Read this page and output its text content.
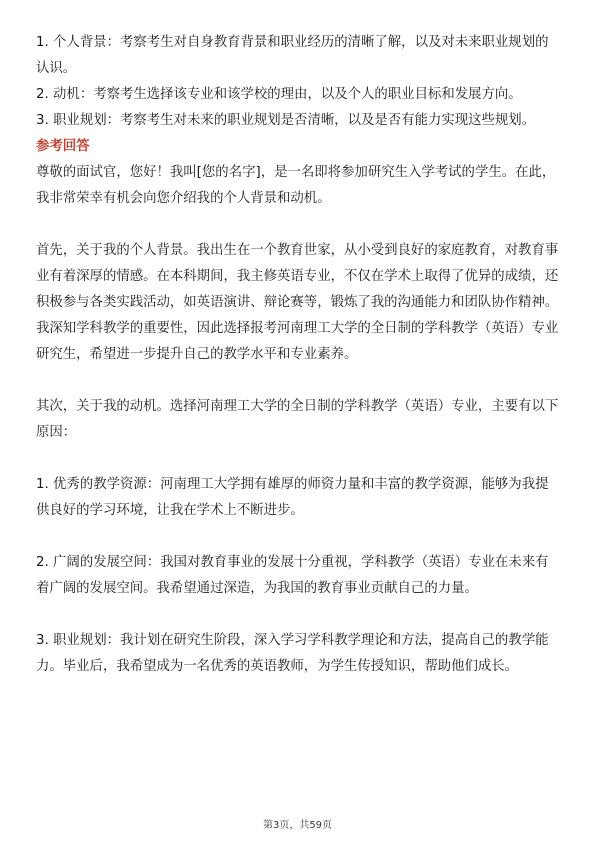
1. 个人背景：考察考生对自身教育背景和职业经历的清晰了解，以及对未来职业规划的认识。

2. 动机：考察考生选择该专业和该学校的理由，以及个人的职业目标和发展方向。

3. 职业规划：考察考生对未来的职业规划是否清晰，以及是否有能力实现这些规划。

参考回答

尊敬的面试官，您好！我叫[您的名字]，是一名即将参加研究生入学考试的学生。在此，我非常荣幸有机会向您介绍我的个人背景和动机。

首先，关于我的个人背景。我出生在一个教育世家，从小受到良好的家庭教育，对教育事业有着深厚的情感。在本科期间，我主修英语专业，不仅在学术上取得了优异的成绩，还积极参与各类实践活动，如英语演讲、辩论赛等，锻炼了我的沟通能力和团队协作精神。我深知学科教学的重要性，因此选择报考河南理工大学的全日制的学科教学（英语）专业研究生，希望进一步提升自己的教学水平和专业素养。

其次，关于我的动机。选择河南理工大学的全日制的学科教学（英语）专业，主要有以下原因：

1. 优秀的教学资源：河南理工大学拥有雄厚的师资力量和丰富的教学资源，能够为我提供良好的学习环境，让我在学术上不断进步。

2. 广阔的发展空间：我国对教育事业的发展十分重视，学科教学（英语）专业在未来有着广阔的发展空间。我希望通过深造，为我国的教育事业贡献自己的力量。

3. 职业规划：我计划在研究生阶段，深入学习学科教学理论和方法，提高自己的教学能力。毕业后，我希望成为一名优秀的英语教师，为学生传授知识，帮助他们成长。

第3页，共59页
